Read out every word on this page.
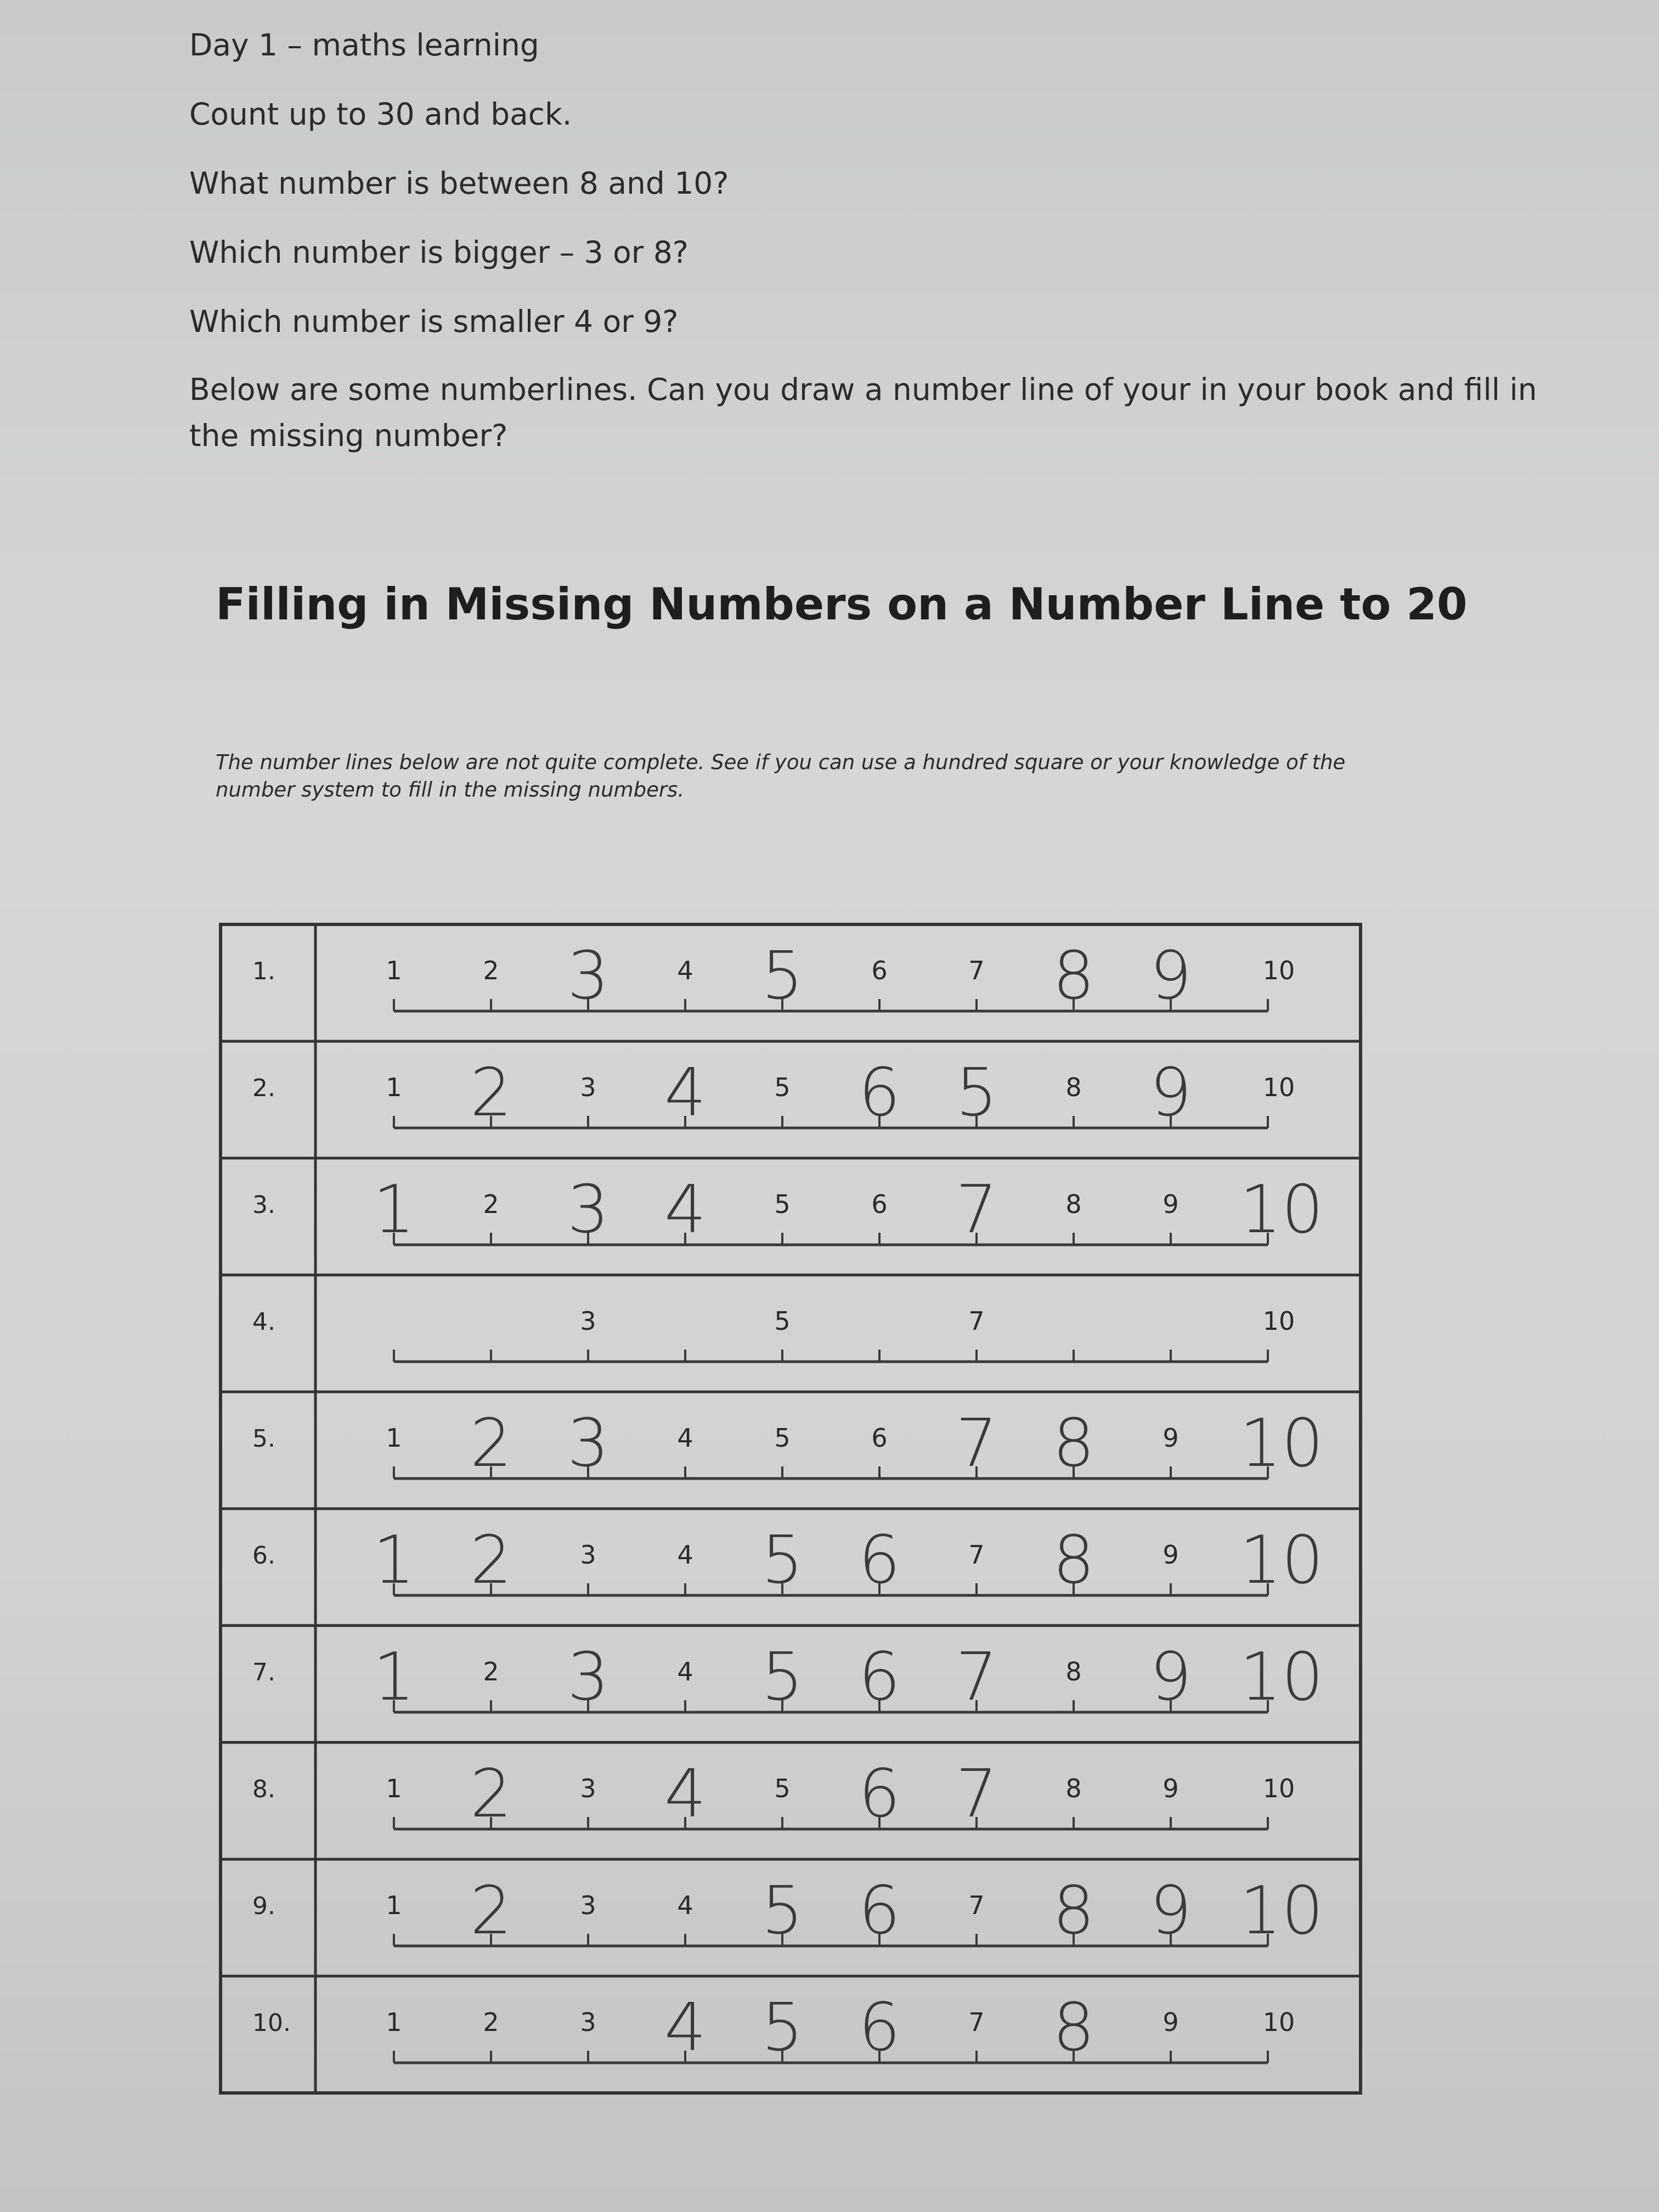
Day 1 – maths learning

Count up to 30 and back.

What number is between 8 and 10?

Which number is bigger – 3 or 8?

Which number is smaller 4 or 9?

Below are some numberlines. Can you draw a number line of your in your book and fill in the missing number?

Filling in Missing Numbers on a Number Line to 20

The number lines below are not quite complete. See if you can use a hundred square or your knowledge of the number system to fill in the missing numbers.

1.	1	2 3	4 5	6	7 8 9	10
2.	1 2	3 4	5 6 5	8 9	10
3. 1	2 3 4	5	6 7	8	9 10
4.	3	5	7	10
5.	1 2 3	4	5	6 7 8	9 10
6. 1 2	3	4 5 6	7 8	9 10
7. 1	2 3	4 5 6 7	8 9 10
8.	1 2	3 4	5 6 7	8	9	10
9.	1 2	3	4 5 6	7 8 9 10
10.	1	2	3 4 5 6	7 8	9	10
